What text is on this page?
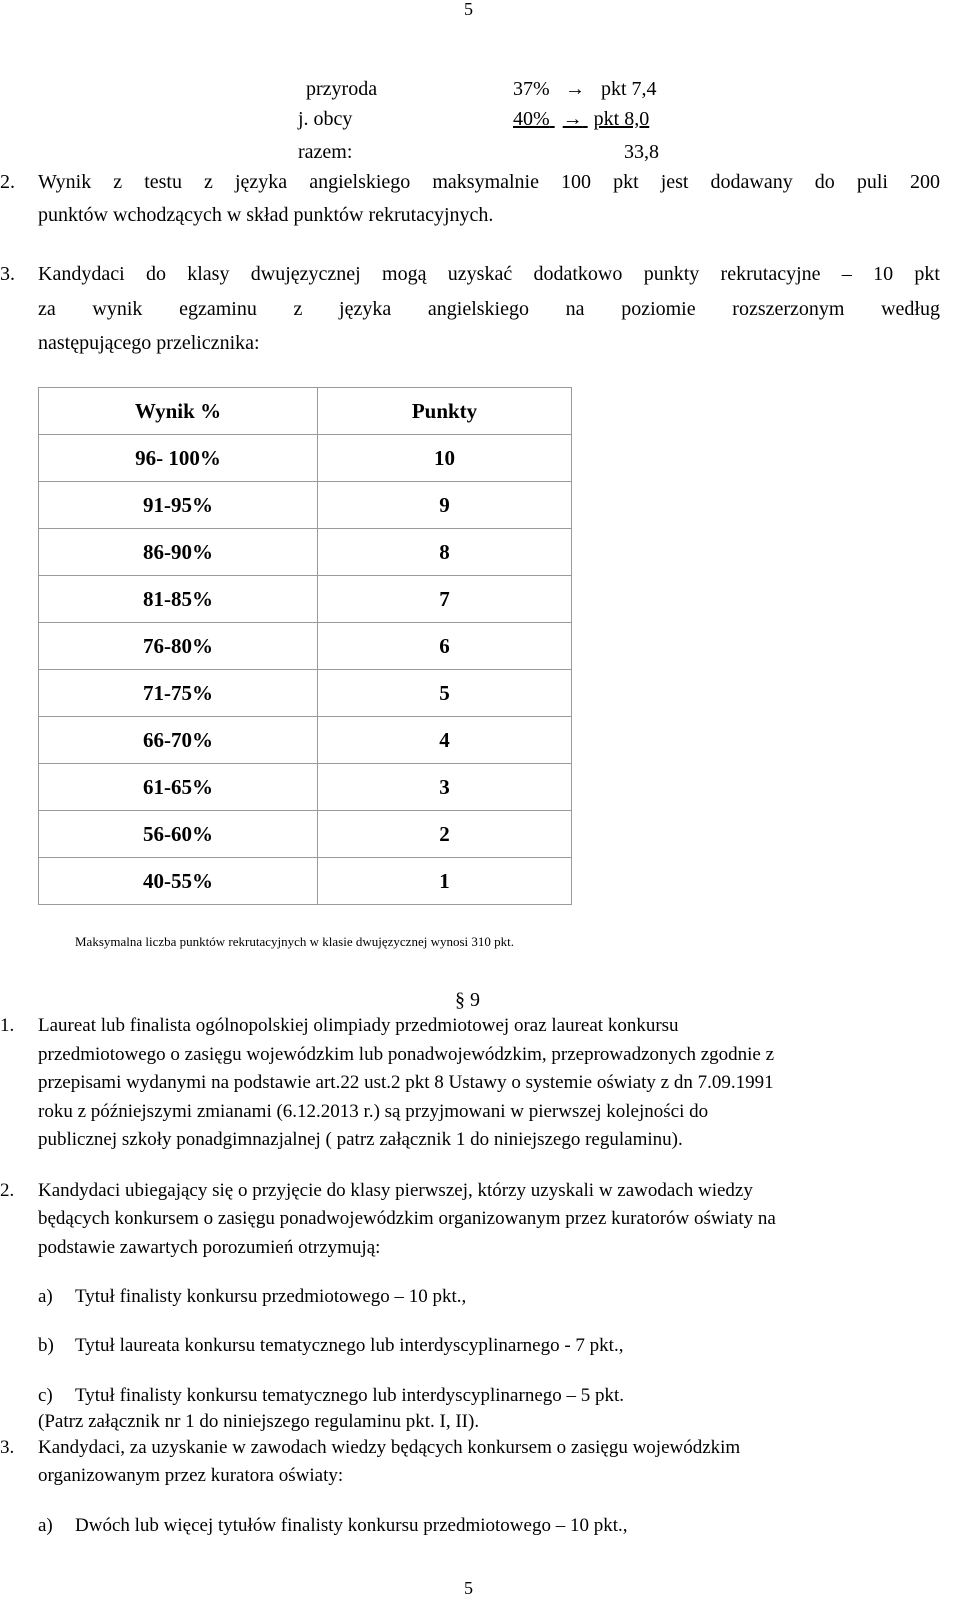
5
przyroda	37% → pkt 7,4
j. obcy	40% → pkt 8,0
razem:	33,8
2. Wynik z testu z języka angielskiego maksymalnie 100 pkt jest dodawany do puli 200
punktów wchodzących w skład punktów rekrutacyjnych.
3. Kandydaci do klasy dwujęzycznej mogą uzyskać dodatkowo punkty rekrutacyjne – 10 pkt
za wynik egzaminu z języka angielskiego na poziomie rozszerzonym według
następującego przelicznika:
Wynik %	Punkty
96- 100%	10
91-95%	9
86-90%	8
81-85%	7
76-80%	6
71-75%	5
66-70%	4
61-65%	3
56-60%	2
40-55%	1
Maksymalna liczba punktów rekrutacyjnych w klasie dwujęzycznej wynosi 310 pkt.
§ 9
1. Laureat lub finalista ogólnopolskiej olimpiady przedmiotowej oraz laureat konkursu
przedmiotowego o zasięgu wojewódzkim lub ponadwojewódzkim, przeprowadzonych zgodnie z
przepisami wydanymi na podstawie art.22 ust.2 pkt 8 Ustawy o systemie oświaty z dn 7.09.1991
roku z późniejszymi zmianami (6.12.2013 r.) są przyjmowani w pierwszej kolejności do
publicznej szkoły ponadgimnazjalnej ( patrz załącznik 1 do niniejszego regulaminu).
2. Kandydaci ubiegający się o przyjęcie do klasy pierwszej, którzy uzyskali w zawodach wiedzy
będących konkursem o zasięgu ponadwojewódzkim organizowanym przez kuratorów oświaty na
podstawie zawartych porozumień otrzymują:
a) Tytuł finalisty konkursu przedmiotowego – 10 pkt.,
b) Tytuł laureata konkursu tematycznego lub interdyscyplinarnego - 7 pkt.,
c) Tytuł finalisty konkursu tematycznego lub interdyscyplinarnego – 5 pkt.
(Patrz załącznik nr 1 do niniejszego regulaminu pkt. I, II).
3. Kandydaci, za uzyskanie w zawodach wiedzy będących konkursem o zasięgu wojewódzkim
organizowanym przez kuratora oświaty:
a) Dwóch lub więcej tytułów finalisty konkursu przedmiotowego – 10 pkt.,
5
